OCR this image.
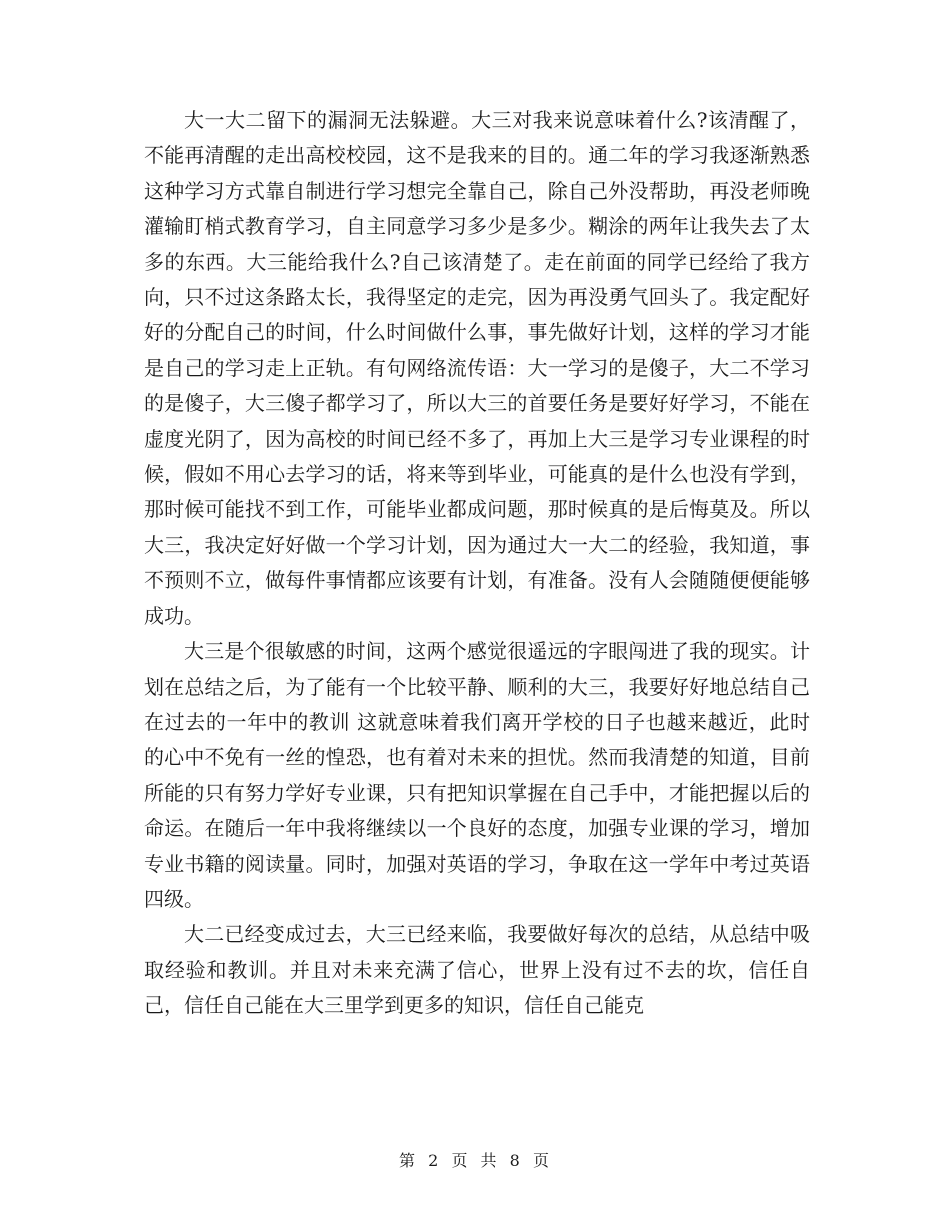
大一大二留下的漏洞无法躲避。大三对我来说意味着什么?该清醒了，不能再清醒的走出高校校园，这不是我来的目的。通二年的学习我逐渐熟悉这种学习方式靠自制进行学习想完全靠自己，除自己外没帮助，再没老师晚灌输盯梢式教育学习，自主同意学习多少是多少。糊涂的两年让我失去了太多的东西。大三能给我什么?自己该清楚了。走在前面的同学已经给了我方向，只不过这条路太长，我得坚定的走完，因为再没勇气回头了。我定配好好的分配自己的时间，什么时间做什么事，事先做好计划，这样的学习才能是自己的学习走上正轨。有句网络流传语：大一学习的是傻子，大二不学习的是傻子，大三傻子都学习了，所以大三的首要任务是要好好学习，不能在虚度光阴了，因为高校的时间已经不多了，再加上大三是学习专业课程的时候，假如不用心去学习的话，将来等到毕业，可能真的是什么也没有学到，那时候可能找不到工作，可能毕业都成问题，那时候真的是后悔莫及。所以大三，我决定好好做一个学习计划，因为通过大一大二的经验，我知道，事不预则不立，做每件事情都应该要有计划，有准备。没有人会随随便便能够成功。

大三是个很敏感的时间，这两个感觉很遥远的字眼闯进了我的现实。计划在总结之后，为了能有一个比较平静、顺利的大三，我要好好地总结自己在过去的一年中的教训 这就意味着我们离开学校的日子也越来越近，此时的心中不免有一丝的惶恐，也有着对未来的担忧。然而我清楚的知道，目前所能的只有努力学好专业课，只有把知识掌握在自己手中，才能把握以后的命运。在随后一年中我将继续以一个良好的态度，加强专业课的学习，增加专业书籍的阅读量。同时，加强对英语的学习，争取在这一学年中考过英语四级。

大二已经变成过去，大三已经来临，我要做好每次的总结，从总结中吸取经验和教训。并且对未来充满了信心，世界上没有过不去的坎，信任自己，信任自己能在大三里学到更多的知识，信任自己能克

第 2 页 共 8 页
